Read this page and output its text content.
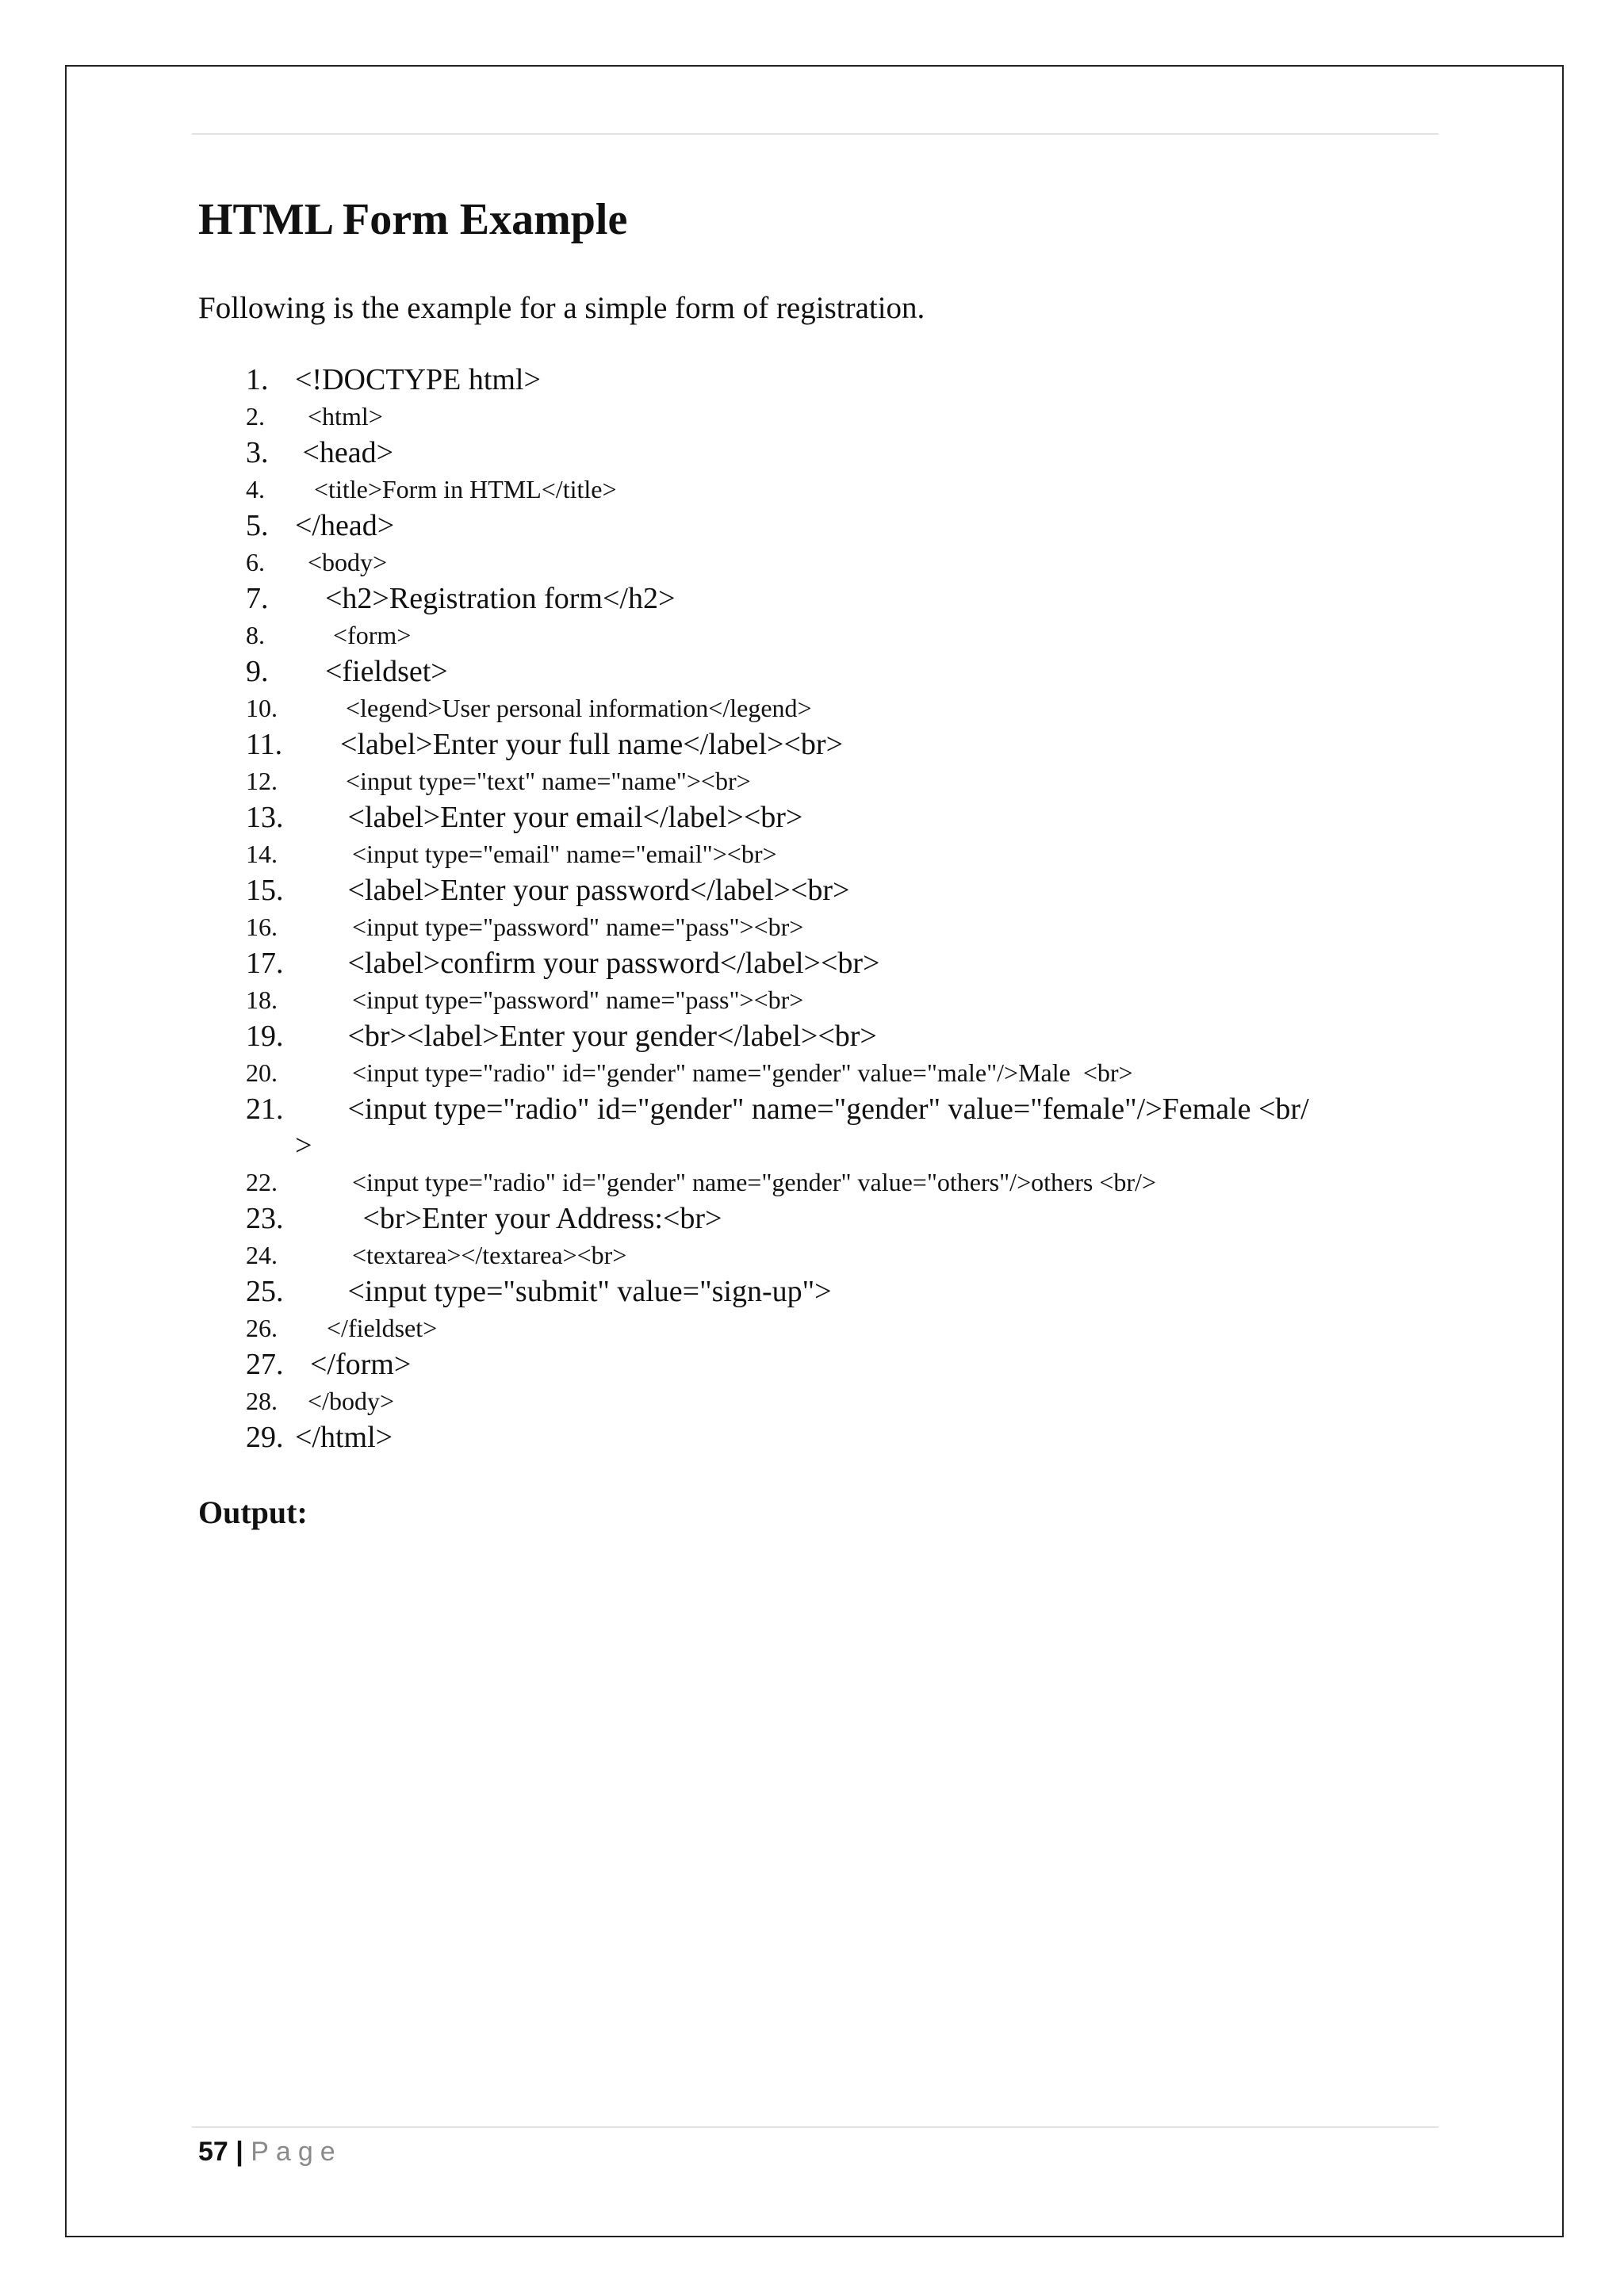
HTML Form Example
Following is the example for a simple form of registration.
1. <!DOCTYPE html>
2. <html>
3. <head>
4. <title>Form in HTML</title>
5. </head>
6. <body>
7. <h2>Registration form</h2>
8. <form>
9. <fieldset>
10. <legend>User personal information</legend>
11. <label>Enter your full name</label><br>
12. <input type="text" name="name"><br>
13. <label>Enter your email</label><br>
14. <input type="email" name="email"><br>
15. <label>Enter your password</label><br>
16. <input type="password" name="pass"><br>
17. <label>confirm your password</label><br>
18. <input type="password" name="pass"><br>
19. <br><label>Enter your gender</label><br>
20. <input type="radio" id="gender" name="gender" value="male"/>Male  <br>
21. <input type="radio" id="gender" name="gender" value="female"/>Female <br/
>
22. <input type="radio" id="gender" name="gender" value="others"/>others <br/>
23. <br>Enter your Address:<br>
24. <textarea></textarea><br>
25. <input type="submit" value="sign-up">
26. </fieldset>
27. </form>
28. </body>
29. </html>
Output:
57 | Page
